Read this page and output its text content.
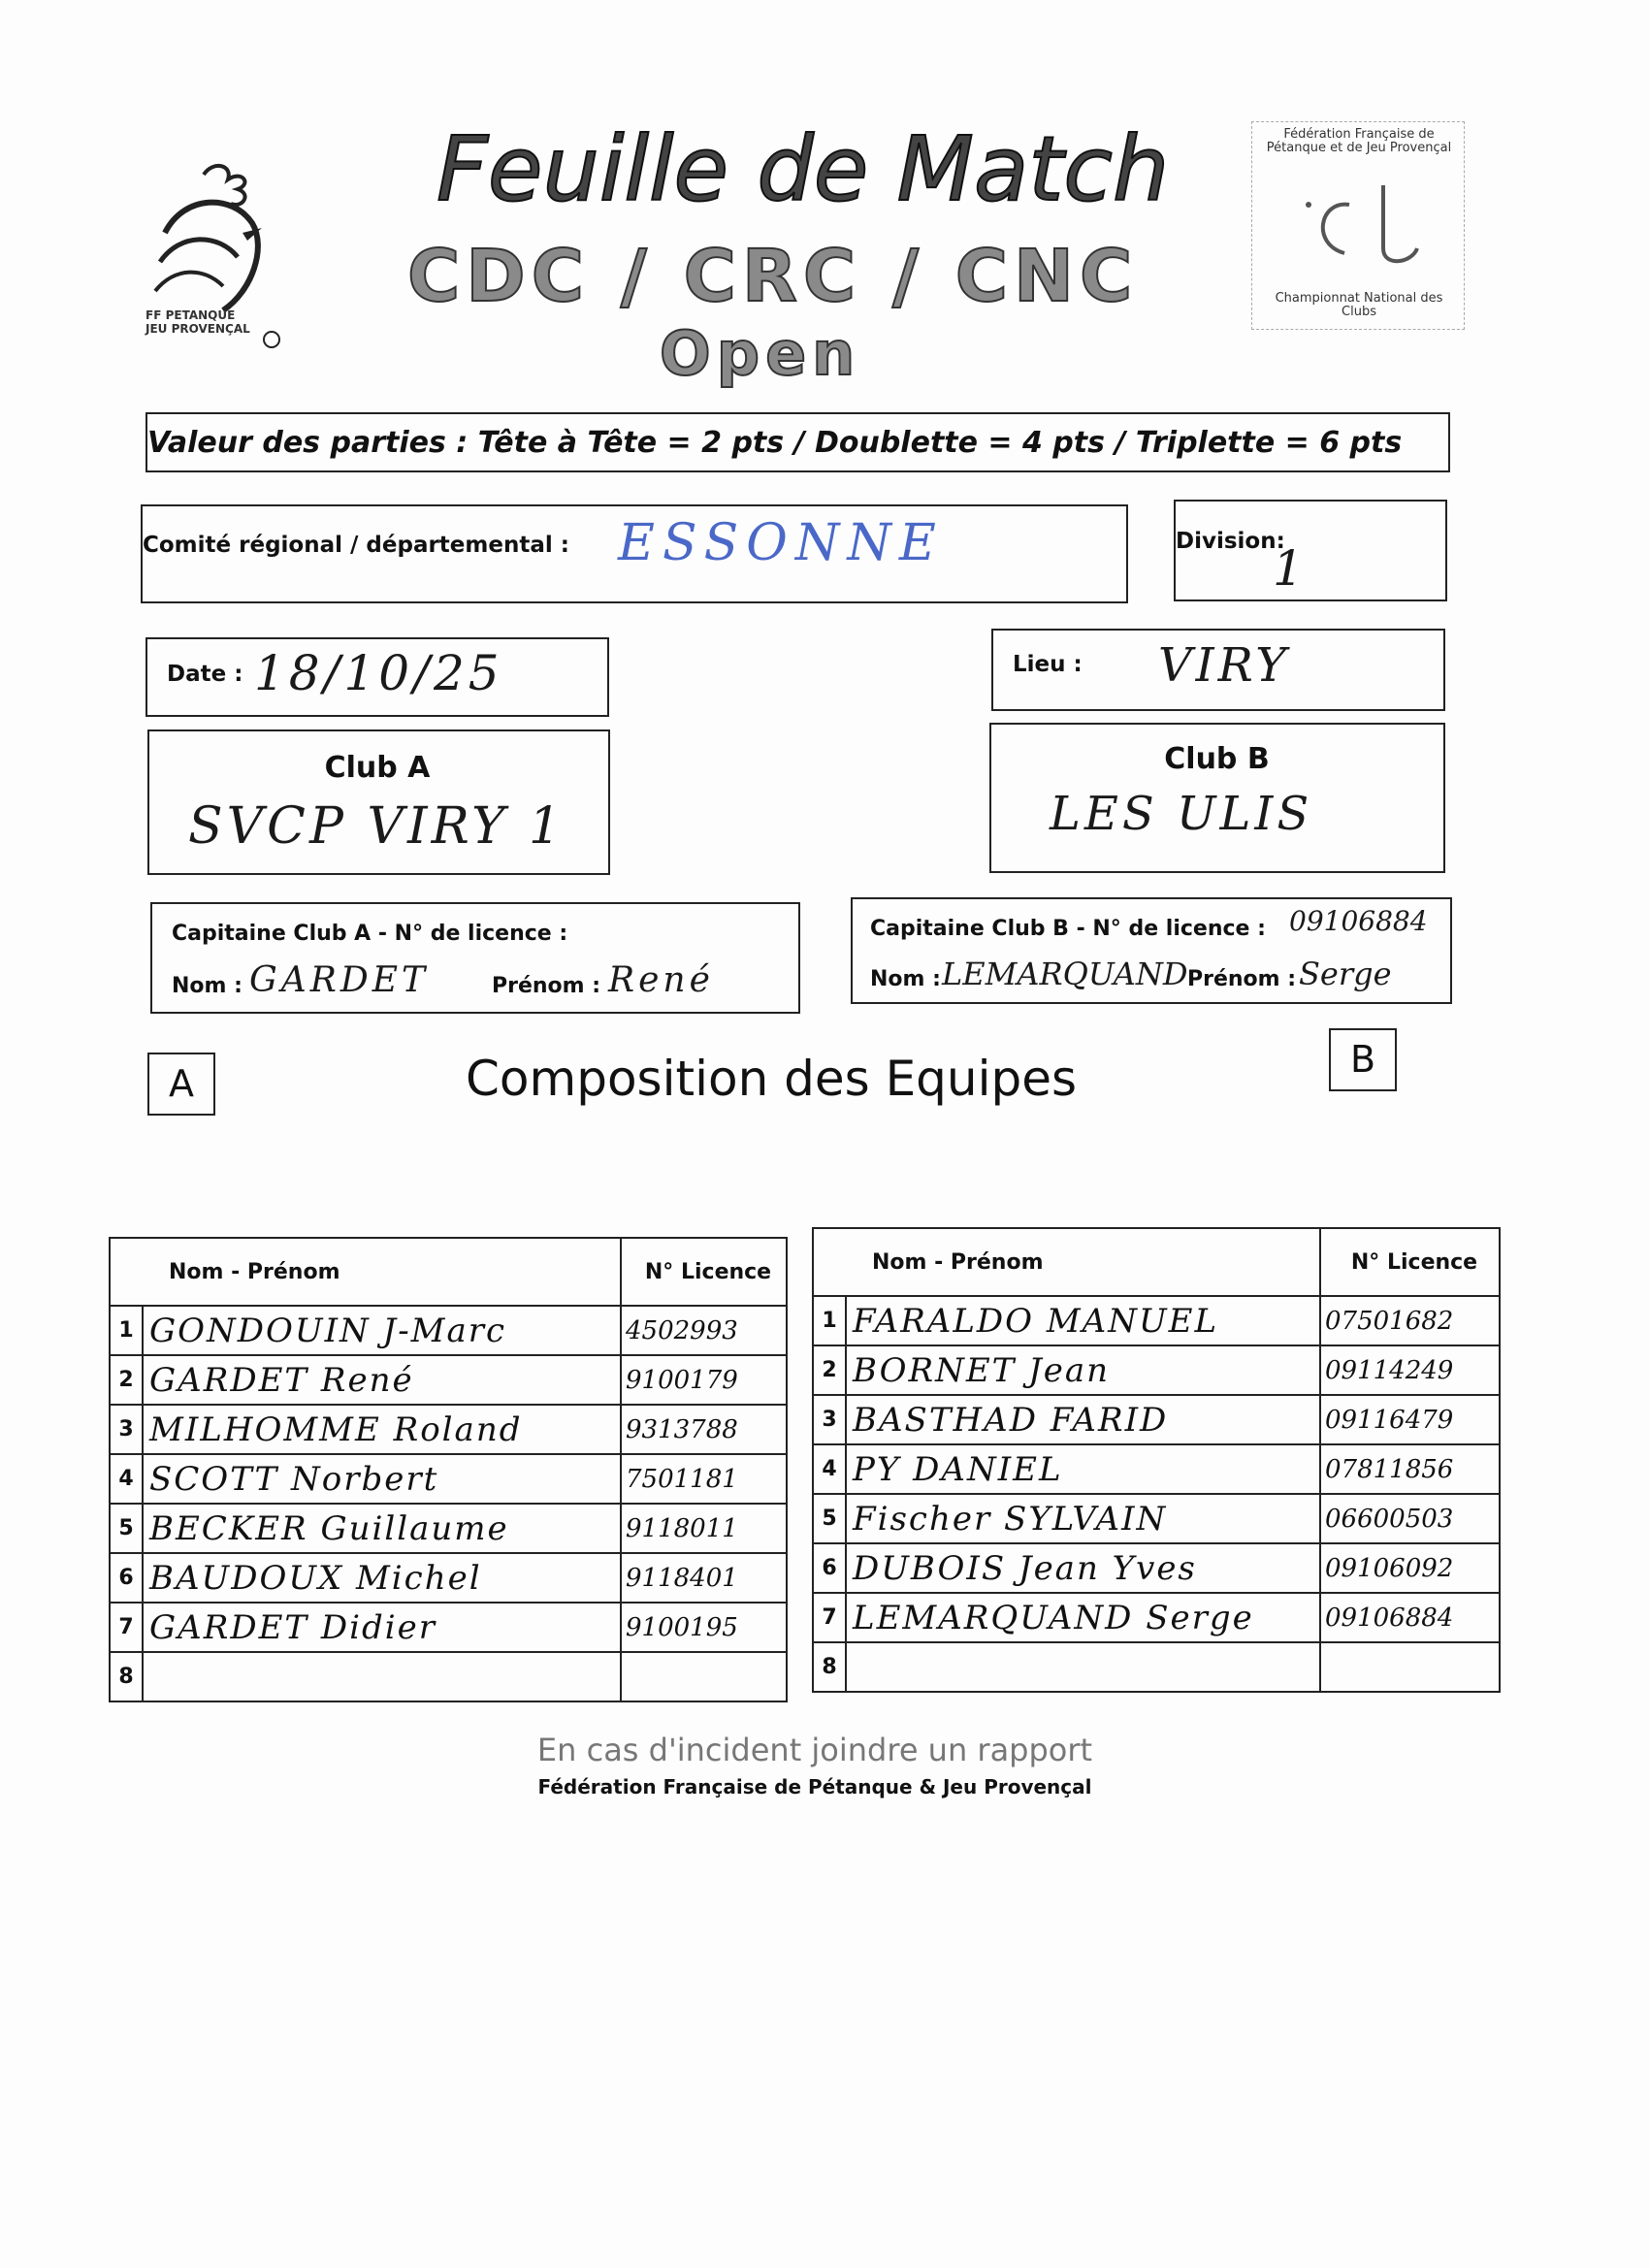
FF PETANQUE JEU PROVENÇAL
Feuille de Match
CDC / CRC / CNC
Open
Fédération Française de Pétanque et de Jeu Provençal
Championnat National des Clubs
Valeur des parties : Tête à Tête = 2 pts / Doublette = 4 pts / Triplette = 6 pts
Comité régional / départemental : ESSONNE	Division:
1
Date : 18/10/25	Lieu : VIRY
Club A
SVCP VIRY 1
Club B
LES ULIS
Capitaine Club A - N° de licence :
Nom : GARDET	Prénom : René
Capitaine Club B - N° de licence : 09106884
Nom : LEMARQUAND Prénom : Serge
A	Composition des Equipes	B
Nom - Prénom		N° Licence
1	GONDOUIN J-Marc	4502993
2	GARDET René	9100179
3	MILHOMME Roland	9313788
4	SCOTT Norbert	7501181
5	BECKER Guillaume	9118011
6	BAUDOUX Michel	9118401
7	GARDET Didier	9100195
8		
Nom - Prénom		N° Licence
1	FARALDO MANUEL	07501682
2	BORNET Jean	09114249
3	BASTHAD FARID	09116479
4	PY DANIEL	07811856
5	Fischer SYLVAIN	06600503
6	DUBOIS Jean Yves	09106092
7	LEMARQUAND Serge	09106884
8		
En cas d'incident joindre un rapport
Fédération Française de Pétanque & Jeu Provençal
